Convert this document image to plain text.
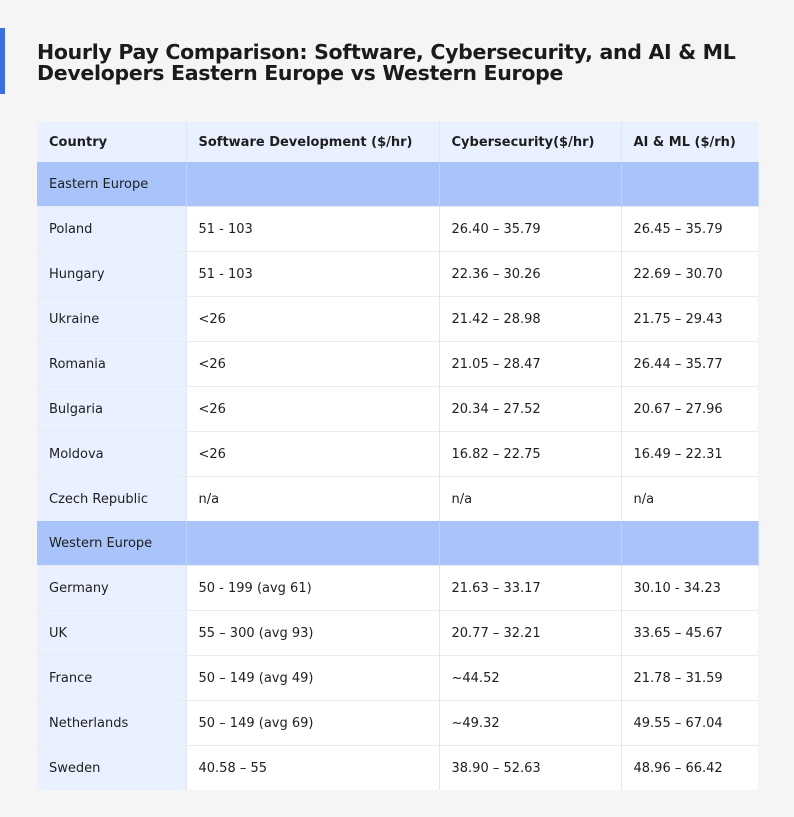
Hourly Pay Comparison: Software, Cybersecurity, and AI & ML Developers Eastern Europe vs Western Europe
Country	Software Development ($/hr)	Cybersecurity($/hr)	AI & ML ($/rh)
Eastern Europe			
Poland	51 - 103	26.40 – 35.79	26.45 – 35.79
Hungary	51 - 103	22.36 – 30.26	22.69 – 30.70
Ukraine	<26	21.42 – 28.98	21.75 – 29.43
Romania	<26	21.05 – 28.47	26.44 – 35.77
Bulgaria	<26	20.34 – 27.52	20.67 – 27.96
Moldova	<26	16.82 – 22.75	16.49 – 22.31
Czech Republic	n/a	n/a	n/a
Western Europe			
Germany	50 - 199 (avg 61)	21.63 – 33.17	30.10 - 34.23
UK	55 – 300 (avg 93)	20.77 – 32.21	33.65 – 45.67
France	50 – 149 (avg 49)	~44.52	21.78 – 31.59
Netherlands	50 – 149 (avg 69)	~49.32	49.55 – 67.04
Sweden	40.58 – 55	38.90 – 52.63	48.96 – 66.42
